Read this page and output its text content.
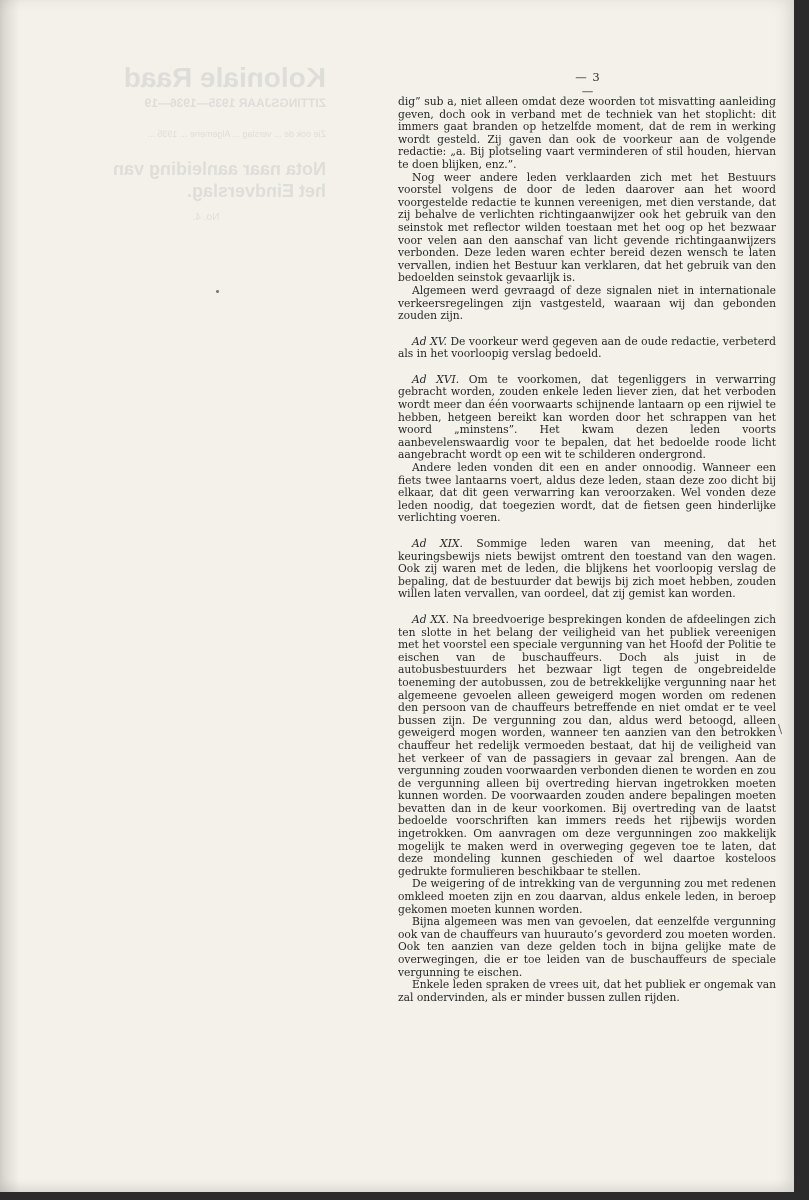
Koloniale Raad
ZITTINGSJAAR 1935—1936—19
Zie ook de ... verslag ... Algemene ... 1935 ...
Nota naar aanleiding van het Eindverslag.
No. 4.
— 3 —

dig” sub a, niet alleen omdat deze woorden tot misvatting aanleiding geven, doch ook in verband met de techniek van het stoplicht: dit immers gaat branden op hetzelfde moment, dat de rem in werking wordt gesteld. Zij gaven dan ook de voorkeur aan de volgende redactie: „a. Bij plotseling vaart verminderen of stil houden, hiervan te doen blijken, enz.”.

Nog weer andere leden verklaarden zich met het Bestuurs voorstel volgens de door de leden daarover aan het woord voorgestelde redactie te kunnen vereenigen, met dien verstande, dat zij behalve de verlichten richtingaanwijzer ook het gebruik van den seinstok met reflector wilden toestaan met het oog op het bezwaar voor velen aan den aanschaf van licht gevende richtingaanwijzers verbonden. Deze leden waren echter bereid dezen wensch te laten vervallen, indien het Bestuur kan verklaren, dat het gebruik van den bedoelden seinstok gevaarlijk is.

Algemeen werd gevraagd of deze signalen niet in internationale verkeersregelingen zijn vastgesteld, waaraan wij dan gebonden zouden zijn.

Ad XV. De voorkeur werd gegeven aan de oude redactie, verbeterd als in het voorloopig verslag bedoeld.

Ad XVI. Om te voorkomen, dat tegenliggers in verwarring gebracht worden, zouden enkele leden liever zien, dat het verboden wordt meer dan één voorwaarts schijnende lantaarn op een rijwiel te hebben, hetgeen bereikt kan worden door het schrappen van het woord „minstens”. Het kwam dezen leden voorts aanbevelenswaardig voor te bepalen, dat het bedoelde roode licht aangebracht wordt op een wit te schilderen ondergrond.

Andere leden vonden dit een en ander onnoodig. Wanneer een fiets twee lantaarns voert, aldus deze leden, staan deze zoo dicht bij elkaar, dat dit geen verwarring kan veroorzaken. Wel vonden deze leden noodig, dat toegezien wordt, dat de fietsen geen hinderlijke verlichting voeren.

Ad XIX. Sommige leden waren van meening, dat het keuringsbewijs niets bewijst omtrent den toestand van den wagen. Ook zij waren met de leden, die blijkens het voorloopig verslag de bepaling, dat de bestuurder dat bewijs bij zich moet hebben, zouden willen laten vervallen, van oordeel, dat zij gemist kan worden.

Ad XX. Na breedvoerige besprekingen konden de afdeelingen zich ten slotte in het belang der veiligheid van het publiek vereenigen met het voorstel een speciale vergunning van het Hoofd der Politie te eischen van de buschauffeurs. Doch als juist in de autobusbestuurders het bezwaar ligt tegen de ongebreidelde toeneming der autobussen, zou de betrekkelijke vergunning naar het algemeene gevoelen alleen geweigerd mogen worden om redenen den persoon van de chauffeurs betreffende en niet omdat er te veel bussen zijn. De vergunning zou dan, aldus werd betoogd, alleen geweigerd mogen worden, wanneer ten aanzien van den betrokken chauffeur het redelijk vermoeden bestaat, dat hij de veiligheid van het verkeer of van de passagiers in gevaar zal brengen. Aan de vergunning zouden voorwaarden verbonden dienen te worden en zou de vergunning alleen bij overtreding hiervan ingetrokken moeten kunnen worden. De voorwaarden zouden andere bepalingen moeten bevatten dan in de keur voorkomen. Bij overtreding van de laatst bedoelde voorschriften kan immers reeds het rijbewijs worden ingetrokken. Om aanvragen om deze vergunningen zoo makkelijk mogelijk te maken werd in overweging gegeven toe te laten, dat deze mondeling kunnen geschieden of wel daartoe kosteloos gedrukte formulieren beschikbaar te stellen.

De weigering of de intrekking van de vergunning zou met redenen omkleed moeten zijn en zou daarvan, aldus enkele leden, in beroep gekomen moeten kunnen worden.

Bijna algemeen was men van gevoelen, dat eenzelfde vergunning ook van de chauffeurs van huurauto’s gevorderd zou moeten worden. Ook ten aanzien van deze gelden toch in bijna gelijke mate de overwegingen, die er toe leiden van de buschauffeurs de speciale vergunning te eischen.

Enkele leden spraken de vrees uit, dat het publiek er ongemak van zal ondervinden, als er minder bussen zullen rijden.

/
